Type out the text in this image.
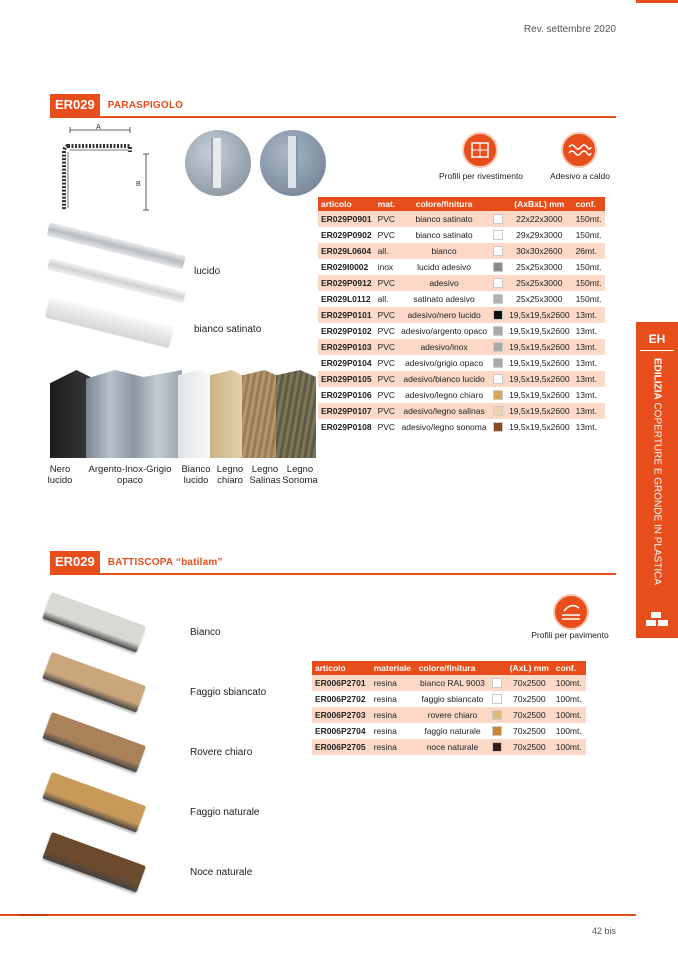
Rev. settembre 2020
ER029	PARASPIGOLO
A
B
Profili per rivestimento	Adesivo a caldo
lucido
bianco satinato
Nero
lucido
Argento-Inox-Grigio
opaco
Bianco
lucido
Legno
chiaro
Legno
Salinas
Legno
Sonoma
articolo	mat.	colore/finitura		(AxBxL) mm	conf.
ER029P0901	PVC	bianco satinato		22x22x3000	150mt.
ER029P0902	PVC	bianco satinato		29x29x3000	150mt.
ER029L0604	all.	bianco		30x30x2600	26mt.
ER029I0002	inox	lucido adesivo		25x25x3000	150mt.
ER029P0912	PVC	adesivo		25x25x3000	150mt.
ER029L0112	all.	satinato adesivo		25x25x3000	150mt.
ER029P0101	PVC	adesivo/nero lucido		19,5x19,5x2600	13mt.
ER029P0102	PVC	adesivo/argento opaco		19,5x19,5x2600	13mt.
ER029P0103	PVC	adesivo/inox		19,5x19,5x2600	13mt.
ER029P0104	PVC	adesivo/grigio opaco		19,5x19,5x2600	13mt.
ER029P0105	PVC	adesivo/bianco lucido		19,5x19,5x2600	13mt.
ER029P0106	PVC	adesivo/legno chiaro		19,5x19,5x2600	13mt.
ER029P0107	PVC	adesivo/legno salinas		19,5x19,5x2600	13mt.
ER029P0108	PVC	adesivo/legno sonoma		19,5x19,5x2600	13mt.
ER029	BATTISCOPA “batilam”
Profili per pavimento
Bianco
Faggio sbiancato
Rovere chiaro
Faggio naturale
Noce naturale
articolo	materiale	colore/finitura		(AxL) mm	conf.
ER006P2701	resina	bianco RAL 9003		70x2500	100mt.
ER006P2702	resina	faggio sbiancato		70x2500	100mt.
ER006P2703	resina	rovere chiaro		70x2500	100mt.
ER006P2704	resina	faggio naturale		70x2500	100mt.
ER006P2705	resina	noce naturale		70x2500	100mt.
EH
EDILIZIA COPERTURE E GRONDE IN PLASTICA
42 bis
